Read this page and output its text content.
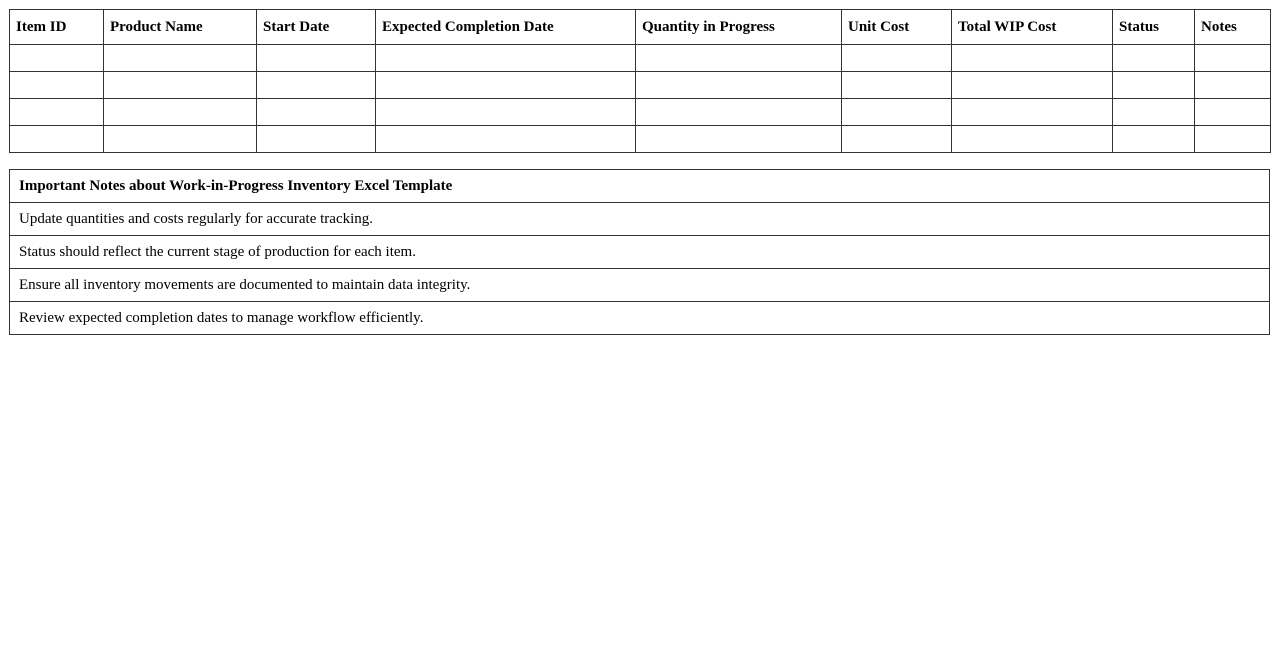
Item ID	Product Name	Start Date	Expected Completion Date	Quantity in Progress	Unit Cost	Total WIP Cost	Status	Notes

Important Notes about Work-in-Progress Inventory Excel Template
Update quantities and costs regularly for accurate tracking.
Status should reflect the current stage of production for each item.
Ensure all inventory movements are documented to maintain data integrity.
Review expected completion dates to manage workflow efficiently.
